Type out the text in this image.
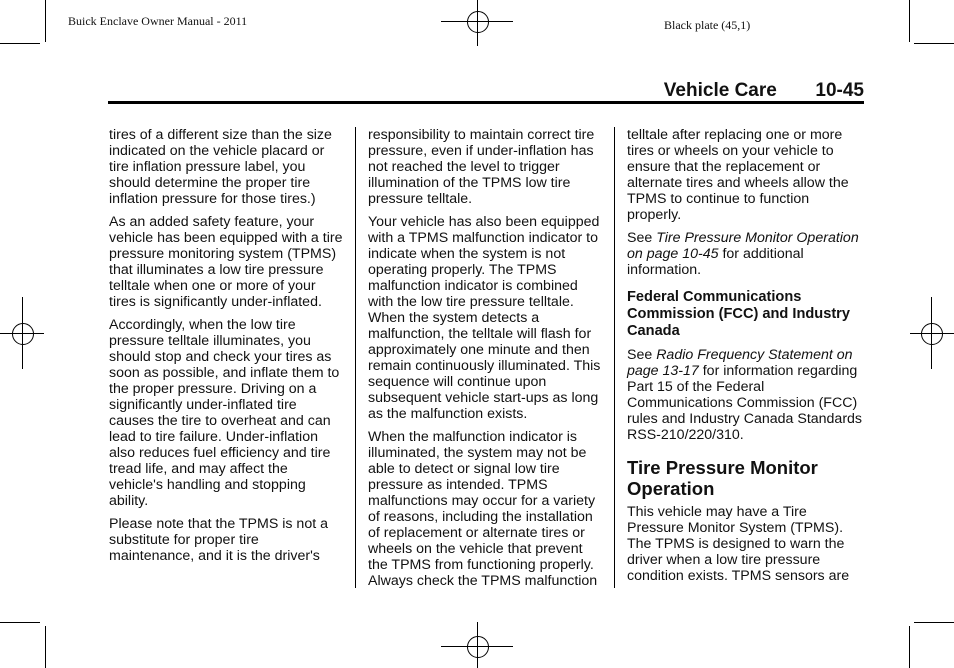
Buick Enclave Owner Manual - 2011	Black plate (45,1)
Vehicle Care 10-45

tires of a different size than the size indicated on the vehicle placard or tire inflation pressure label, you should determine the proper tire inflation pressure for those tires.)

As an added safety feature, your vehicle has been equipped with a tire pressure monitoring system (TPMS) that illuminates a low tire pressure telltale when one or more of your tires is significantly under-inflated.

Accordingly, when the low tire pressure telltale illuminates, you should stop and check your tires as soon as possible, and inflate them to the proper pressure. Driving on a significantly under-inflated tire causes the tire to overheat and can lead to tire failure. Under-inflation also reduces fuel efficiency and tire tread life, and may affect the vehicle's handling and stopping ability.

Please note that the TPMS is not a substitute for proper tire maintenance, and it is the driver's

responsibility to maintain correct tire pressure, even if under-inflation has not reached the level to trigger illumination of the TPMS low tire pressure telltale.

Your vehicle has also been equipped with a TPMS malfunction indicator to indicate when the system is not operating properly. The TPMS malfunction indicator is combined with the low tire pressure telltale. When the system detects a malfunction, the telltale will flash for approximately one minute and then remain continuously illuminated. This sequence will continue upon subsequent vehicle start-ups as long as the malfunction exists.

When the malfunction indicator is illuminated, the system may not be able to detect or signal low tire pressure as intended. TPMS malfunctions may occur for a variety of reasons, including the installation of replacement or alternate tires or wheels on the vehicle that prevent the TPMS from functioning properly. Always check the TPMS malfunction

telltale after replacing one or more tires or wheels on your vehicle to ensure that the replacement or alternate tires and wheels allow the TPMS to continue to function properly.

See Tire Pressure Monitor Operation on page 10-45 for additional information.

Federal Communications Commission (FCC) and Industry Canada

See Radio Frequency Statement on page 13-17 for information regarding Part 15 of the Federal Communications Commission (FCC) rules and Industry Canada Standards RSS-210/220/310.

Tire Pressure Monitor Operation

This vehicle may have a Tire Pressure Monitor System (TPMS). The TPMS is designed to warn the driver when a low tire pressure condition exists. TPMS sensors are
